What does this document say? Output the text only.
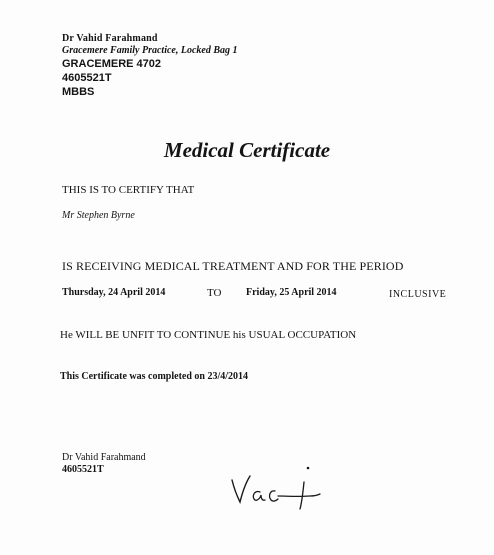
Dr Vahid Farahmand
Gracemere Family Practice, Locked Bag 1
GRACEMERE 4702
4605521T
MBBS
Medical Certificate
THIS IS TO CERTIFY THAT
Mr Stephen Byrne
IS RECEIVING MEDICAL TREATMENT AND FOR THE PERIOD
Thursday, 24 April 2014	TO Friday, 25 April 2014	INCLUSIVE
He WILL BE UNFIT TO CONTINUE his USUAL OCCUPATION
This Certificate was completed on 23/4/2014
Dr Vahid Farahmand
4605521T
